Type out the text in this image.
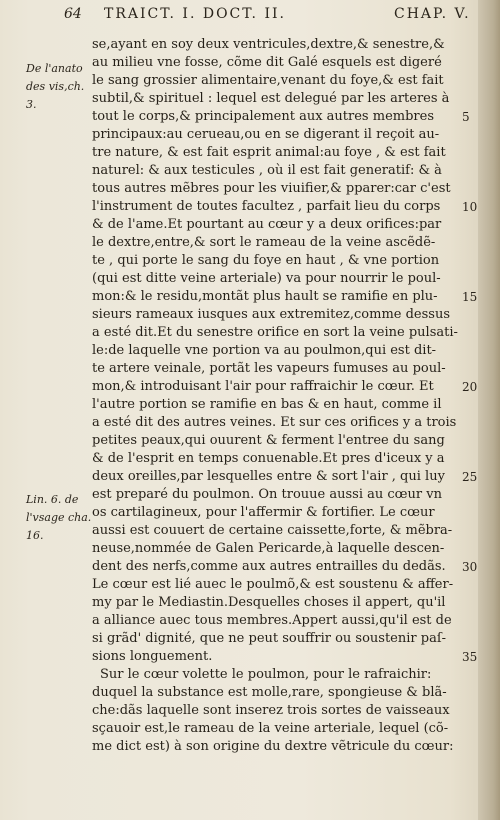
64 TRAICT. I. DOCT. II.	CHAP. V.
De l'anato
des vis,ch.
3.
Lin. 6. de
l'vsage cha.
16.
se,ayant en soy deux ventricules,dextre,& senestre,&
au milieu vne fosse, cõme dit Galé esquels est digeré
le sang grossier alimentaire,venant du foye,& est fait
subtil,& spirituel : lequel est delegué par les arteres à
tout le corps,& principalement aux autres membres
principaux:au cerueau,ou en se digerant il reçoit au-
tre nature, & est fait esprit animal:au foye , & est fait
naturel: & aux testicules , où il est fait generatif: & à
tous autres mẽbres pour les viuifier,& pparer:car c'est
l'instrument de toutes facultez , parfait lieu du corps
& de l'ame.Et pourtant au cœur y a deux orifices:par
le dextre,entre,& sort le rameau de la veine ascẽdẽ-
te , qui porte le sang du foye en haut , & vne portion
(qui est ditte veine arteriale) va pour nourrir le poul-
mon:& le residu,montãt plus hault se ramifie en plu-
sieurs rameaux iusques aux extremitez,comme dessus
a esté dit.Et du senestre orifice en sort la veine pulsati-
le:de laquelle vne portion va au poulmon,qui est dit-
te artere veinale, portãt les vapeurs fumuses au poul-
mon,& introduisant l'air pour raffraichir le cœur. Et
l'autre portion se ramifie en bas & en haut, comme il
a esté dit des autres veines. Et sur ces orifices y a trois
petites peaux,qui ouurent & ferment l'entree du sang
& de l'esprit en temps conuenable.Et pres d'iceux y a
deux oreilles,par lesquelles entre & sort l'air , qui luy
est preparé du poulmon. On trouue aussi au cœur vn
os cartilagineux, pour l'affermir & fortifier. Le cœur
aussi est couuert de certaine caissette,forte, & mẽbra-
neuse,nommée de Galen Pericarde,à laquelle descen-
dent des nerfs,comme aux autres entrailles du dedãs.
Le cœur est lié auec le poulmõ,& est soustenu & affer-
my par le Mediastin.Desquelles choses il appert, qu'il
a alliance auec tous membres.Appert aussi,qu'il est de
si grãd' dignité, que ne peut souffrir ou soustenir paſ-
sions longuement.
Sur le cœur volette le poulmon, pour le rafraichir:
duquel la substance est molle,rare, spongieuse & blã-
che:dãs laquelle sont inserez trois sortes de vaisseaux
sçauoir est,le rameau de la veine arteriale, lequel (cõ-
me dict est) à son origine du dextre vẽtricule du cœur:
5
10
15
20
25
30
35
